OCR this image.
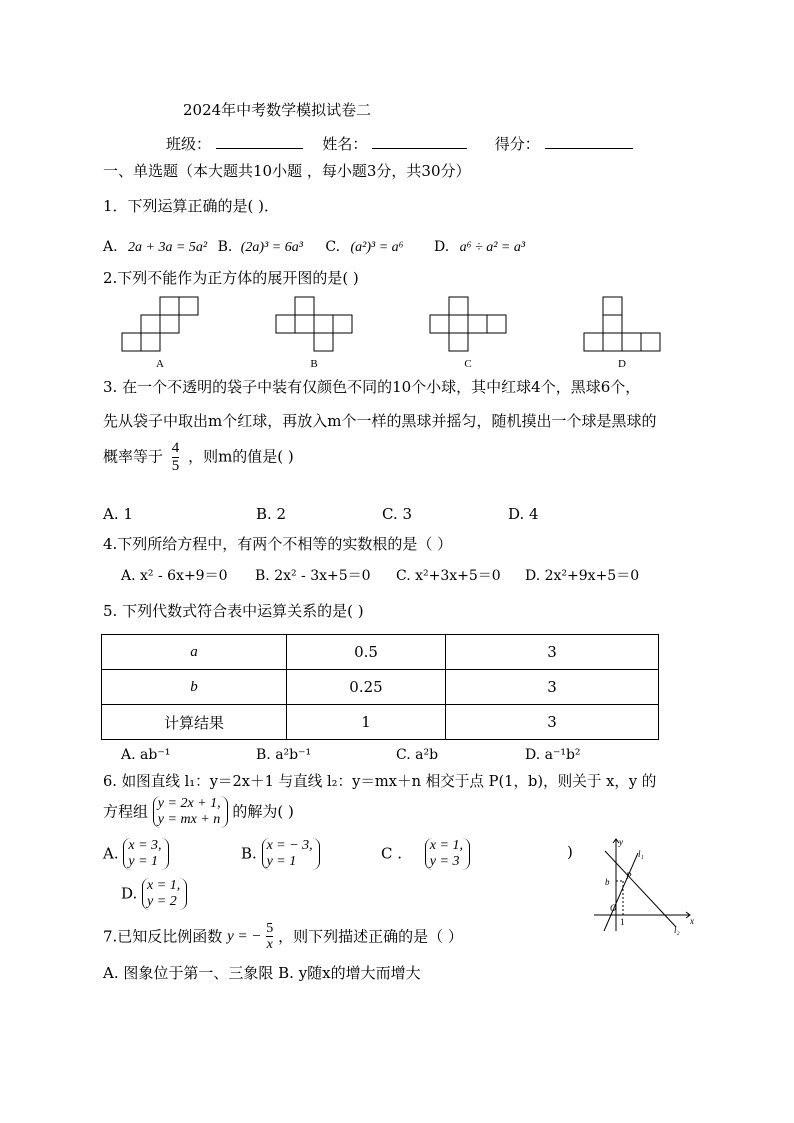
2024年中考数学模拟试卷二
班级：	姓名：	得分：
一、单选题（本大题共10小题 ，每小题3分，共30分）
1．下列运算正确的是( )．
A. 2a + 3a = 5a² B. (2a)³ = 6a³ C. (a²)³ = a⁶ D. a⁶ ÷ a² = a³
2.下列不能作为正方体的展开图的是( )
A	B	C	D
3. 在一个不透明的袋子中装有仅颜色不同的10个小球，其中红球4个，黑球6个，
先从袋子中取出m个红球，再放入m个一样的黑球并摇匀，随机摸出一个球是黑球的
概率等于 $\frac{4}{5}$ ，则m的值是( )
A. 1	B. 2	C. 3	D. 4
4.下列所给方程中，有两个不相等的实数根的是（ ）
A. x² - 6x+9＝0 B. 2x² - 3x+5＝0 C. x²+3x+5＝0 D. 2x²+9x+5＝0
5. 下列代数式符合表中运算关系的是( )
a	0.5	3
b	0.25	3
计算结果	1	3
A. ab⁻¹	B. a²b⁻¹	C. a²b	D. a⁻¹b²
6. 如图直线 l₁：y＝2x＋1 与直线 l₂：y＝mx＋n 相交于点 P(1，b)，则关于 x，y 的
方程组 y = 2x + 1,
y = mx + n 的解为( )
A. x = 3,
y = 1	B. x = − 3,
y = 1	C . x = 1,
y = 3
)
D. x = 1,
y = 2
y
x
l₁
l₂
P
b
O
1
7.已知反比例函数 y = − $\frac{5}{x}$ ，则下列描述正确的是（ ）
A. 图象位于第一、三象限 B. y随x的增大而增大
